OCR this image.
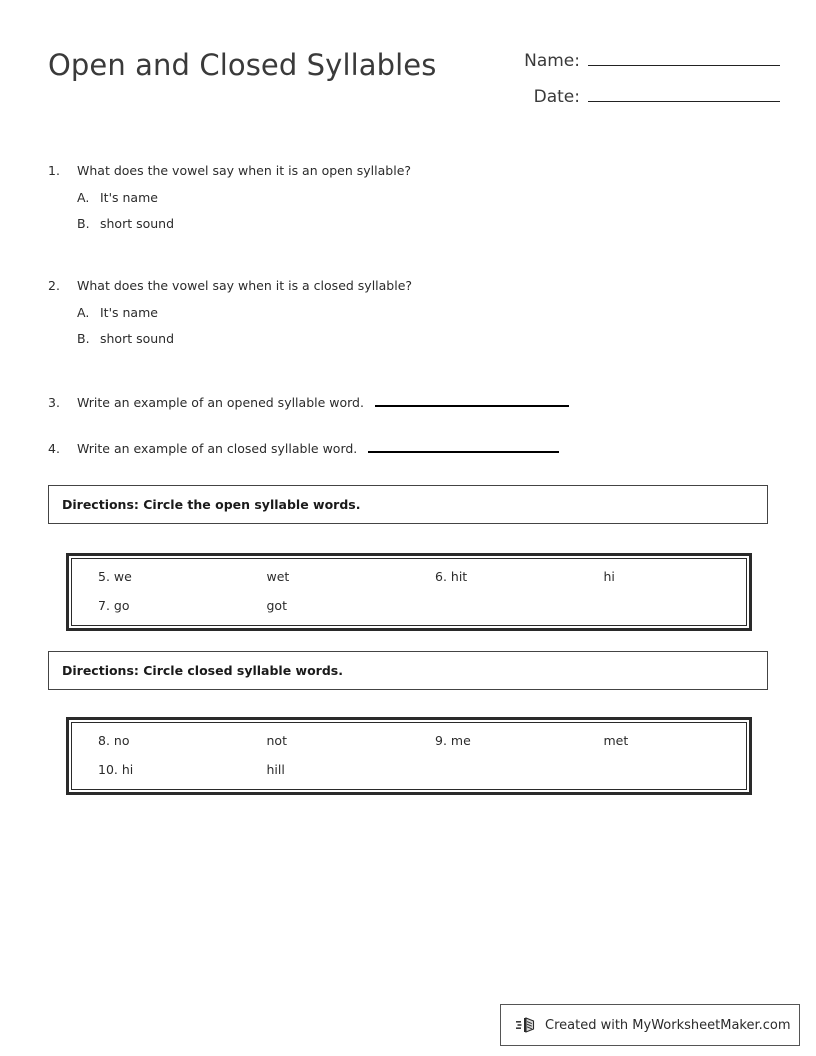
Open and Closed Syllables	Name:
Date:
1.	What does the vowel say when it is an open syllable?
A. It's name
B. short sound
2.	What does the vowel say when it is a closed syllable?
A. It's name
B. short sound
3.	Write an example of an opened syllable word.
4.	Write an example of an closed syllable word.
Directions: Circle the open syllable words.
5. we	wet	6. hit	hi
7. go	got
Directions: Circle closed syllable words.
8. no	not	9. me	met
10. hi	hill
Created with MyWorksheetMaker.com
